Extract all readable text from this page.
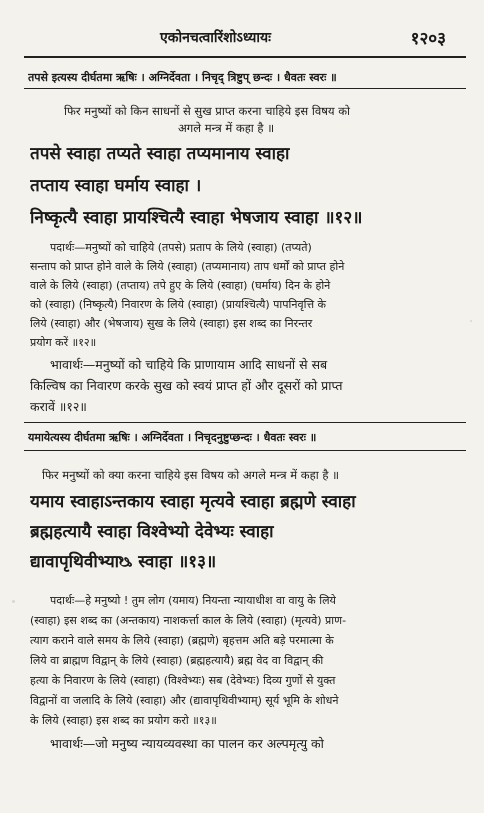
एकोनचत्वारिंशोऽध्यायः	१२०३
तपसे इत्यस्य दीर्घतमा ऋषिः । अग्निर्देवता । निचृद् त्रिष्टुप् छन्दः । धैवतः स्वरः ॥
फिर मनुष्यों को किन साधनों से सुख प्राप्त करना चाहिये इस विषय को
अगले मन्त्र में कहा है ॥
तपसे स्वाहा तप्यते स्वाहा तप्यमानाय स्वाहा
तप्ताय स्वाहा घर्माय स्वाहा ।
निष्कृत्यै स्वाहा प्रायश्चित्यै स्वाहा भेषजाय स्वाहा ॥१२॥
पदार्थः—मनुष्यों को चाहिये (तपसे) प्रताप के लिये (स्वाहा) (तप्यते)
सन्ताप को प्राप्त होने वाले के लिये (स्वाहा) (तप्यमानाय) ताप धर्मों को प्राप्त होने
वाले के लिये (स्वाहा) (तप्ताय) तपे हुए के लिये (स्वाहा) (घर्माय) दिन के होने
को (स्वाहा) (निष्कृत्यै) निवारण के लिये (स्वाहा) (प्रायश्चित्यै) पापनिवृत्ति के
लिये (स्वाहा) और (भेषजाय) सुख के लिये (स्वाहा) इस शब्द का निरन्तर
प्रयोग करें ॥१२॥
भावार्थः—मनुष्यों को चाहिये कि प्राणायाम आदि साधनों से सब
किल्विष का निवारण करके सुख को स्वयं प्राप्त हों और दूसरों को प्राप्त
करावें ॥१२॥
यमायेत्यस्य दीर्घतमा ऋषिः । अग्निर्देवता । निचृदनुष्टुप्छन्दः । धैवतः स्वरः ॥
फिर मनुष्यों को क्या करना चाहिये इस विषय को अगले मन्त्र में कहा है ॥
यमाय स्वाहाऽन्तकाय स्वाहा मृत्यवे स्वाहा ब्रह्मणे स्वाहा
ब्रह्महत्यायै स्वाहा विश्वेभ्यो देवेभ्यः स्वाहा
द्यावापृथिवीभ्याᳬ स्वाहा ॥१३॥
पदार्थः—हे मनुष्यो ! तुम लोग (यमाय) नियन्ता न्यायाधीश वा वायु के लिये
(स्वाहा) इस शब्द का (अन्तकाय) नाशकर्त्ता काल के लिये (स्वाहा) (मृत्यवे) प्राण-
त्याग कराने वाले समय के लिये (स्वाहा) (ब्रह्मणे) बृहत्तम अति बड़े परमात्मा के
लिये वा ब्राह्मण विद्वान् के लिये (स्वाहा) (ब्रह्महत्यायै) ब्रह्म वेद वा विद्वान् की
हत्या के निवारण के लिये (स्वाहा) (विश्वेभ्यः) सब (देवेभ्यः) दिव्य गुणों से युक्त
विद्वानों वा जलादि के लिये (स्वाहा) और (द्यावापृथिवीभ्याम्) सूर्य भूमि के शोधने
के लिये (स्वाहा) इस शब्द का प्रयोग करो ॥१३॥
भावार्थः—जो मनुष्य न्यायव्यवस्था का पालन कर अल्पमृत्यु को
